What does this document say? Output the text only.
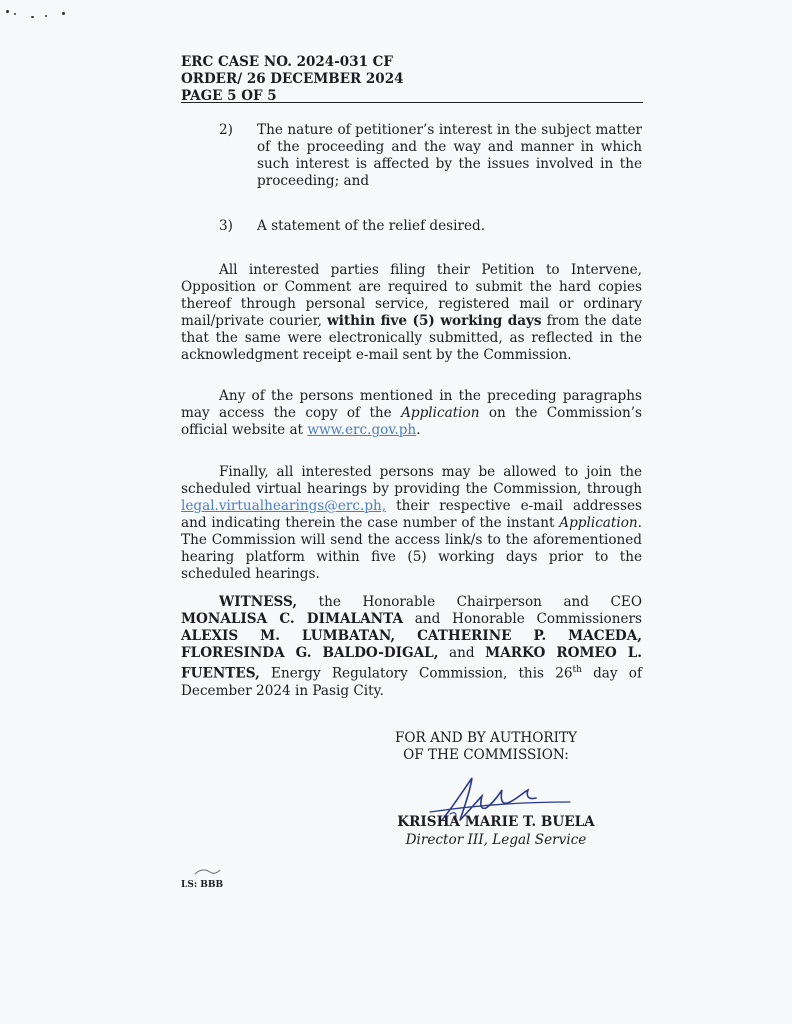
ERC CASE NO. 2024-031 CF
ORDER/ 26 DECEMBER 2024
PAGE 5 OF 5
2) The nature of petitioner’s interest in the subject matter of the proceeding and the way and manner in which such interest is affected by the issues involved in the proceeding; and
3) A statement of the relief desired.
All interested parties filing their Petition to Intervene, Opposition or Comment are required to submit the hard copies thereof through personal service, registered mail or ordinary mail/private courier, within five (5) working days from the date that the same were electronically submitted, as reflected in the acknowledgment receipt e-mail sent by the Commission.
Any of the persons mentioned in the preceding paragraphs may access the copy of the Application on the Commission’s official website at www.erc.gov.ph.
Finally, all interested persons may be allowed to join the scheduled virtual hearings by providing the Commission, through legal.virtualhearings@erc.ph, their respective e-mail addresses and indicating therein the case number of the instant Application. The Commission will send the access link/s to the aforementioned hearing platform within five (5) working days prior to the scheduled hearings.
WITNESS, the Honorable Chairperson and CEO MONALISA C. DIMALANTA and Honorable Commissioners ALEXIS M. LUMBATAN, CATHERINE P. MACEDA, FLORESINDA G. BALDO-DIGAL, and MARKO ROMEO L. FUENTES, Energy Regulatory Commission, this 26th day of December 2024 in Pasig City.
FOR AND BY AUTHORITY
OF THE COMMISSION:
KRISHA MARIE T. BUELA
Director III, Legal Service
LS: BBB
